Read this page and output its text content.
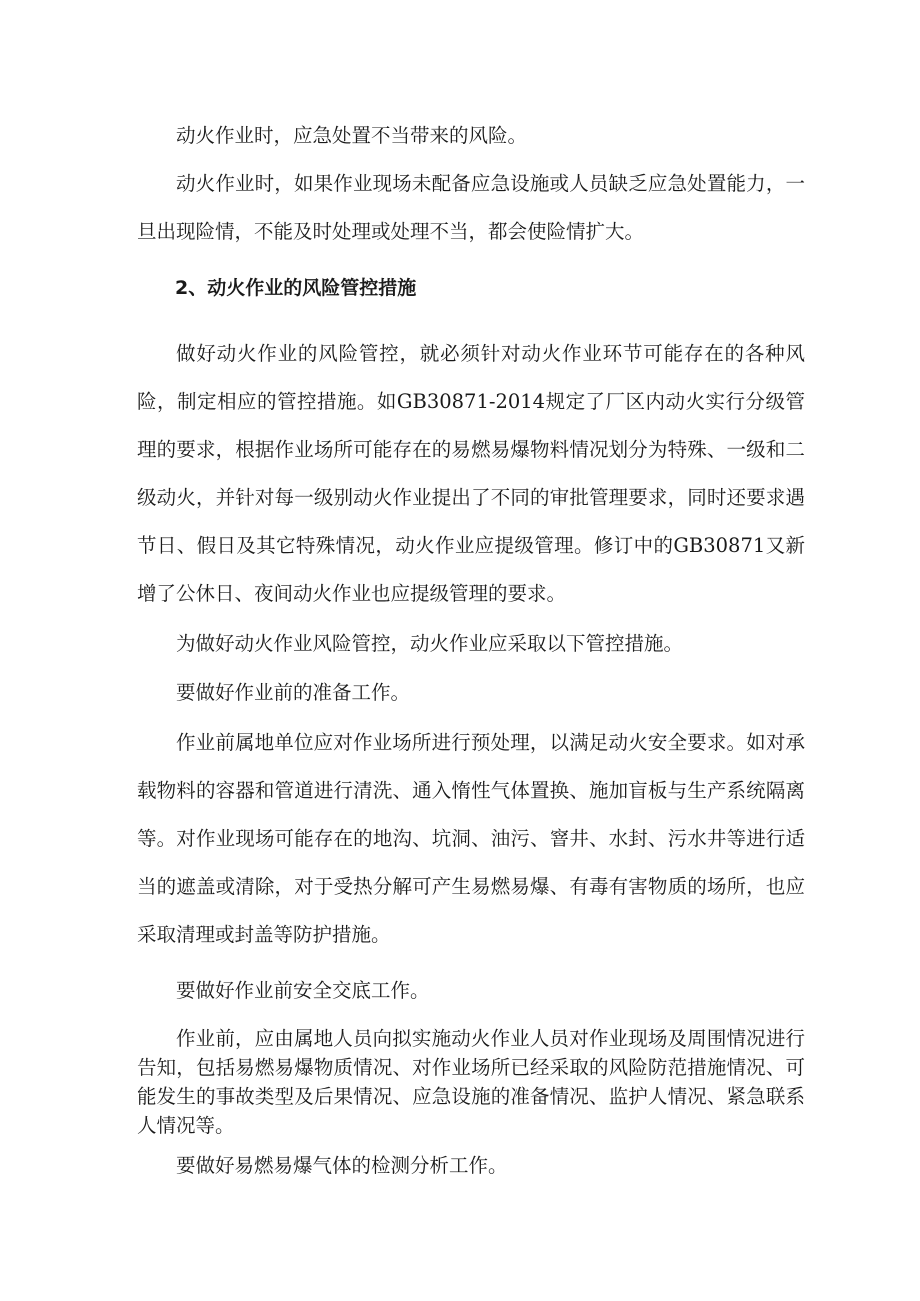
动火作业时，应急处置不当带来的风险。

动火作业时，如果作业现场未配备应急设施或人员缺乏应急处置能力，一旦出现险情，不能及时处理或处理不当，都会使险情扩大。

2、动火作业的风险管控措施

做好动火作业的风险管控，就必须针对动火作业环节可能存在的各种风险，制定相应的管控措施。如GB30871-2014规定了厂区内动火实行分级管理的要求，根据作业场所可能存在的易燃易爆物料情况划分为特殊、一级和二级动火，并针对每一级别动火作业提出了不同的审批管理要求，同时还要求遇节日、假日及其它特殊情况，动火作业应提级管理。修订中的GB30871又新增了公休日、夜间动火作业也应提级管理的要求。

为做好动火作业风险管控，动火作业应采取以下管控措施。

要做好作业前的准备工作。

作业前属地单位应对作业场所进行预处理，以满足动火安全要求。如对承载物料的容器和管道进行清洗、通入惰性气体置换、施加盲板与生产系统隔离等。对作业现场可能存在的地沟、坑洞、油污、窨井、水封、污水井等进行适当的遮盖或清除，对于受热分解可产生易燃易爆、有毒有害物质的场所，也应采取清理或封盖等防护措施。

要做好作业前安全交底工作。

作业前，应由属地人员向拟实施动火作业人员对作业现场及周围情况进行告知，包括易燃易爆物质情况、对作业场所已经采取的风险防范措施情况、可能发生的事故类型及后果情况、应急设施的准备情况、监护人情况、紧急联系人情况等。

要做好易燃易爆气体的检测分析工作。
